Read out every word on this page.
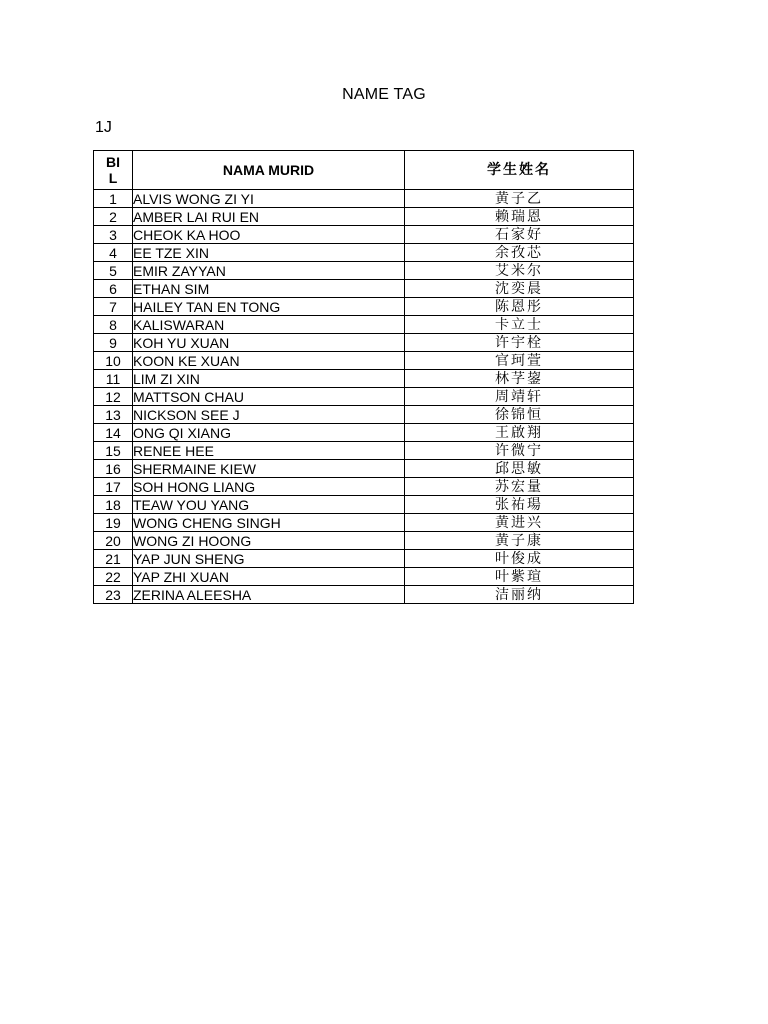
NAME TAG
1J
BI
L	NAMA MURID	学生姓名
1	ALVIS WONG ZI YI	黄子乙
2	AMBER LAI RUI EN	赖瑞恩
3	CHEOK KA HOO	石家好
4	EE TZE XIN	余孜芯
5	EMIR ZAYYAN	艾米尔
6	ETHAN SIM	沈奕晨
7	HAILEY TAN EN TONG	陈恩彤
8	KALISWARAN	卡立士
9	KOH YU XUAN	许宇栓
10	KOON KE XUAN	官珂萱
11	LIM ZI XIN	林芓鋆
12	MATTSON CHAU	周靖轩
13	NICKSON SEE J	徐锦恒
14	ONG QI XIANG	王啟翔
15	RENEE HEE	许微宁
16	SHERMAINE KIEW	邱思敏
17	SOH HONG LIANG	苏宏量
18	TEAW YOU YANG	张祐瑒
19	WONG CHENG SINGH	黄进兴
20	WONG ZI HOONG	黄子康
21	YAP JUN SHENG	叶俊成
22	YAP ZHI XUAN	叶紫瑄
23	ZERINA ALEESHA	洁丽纳
